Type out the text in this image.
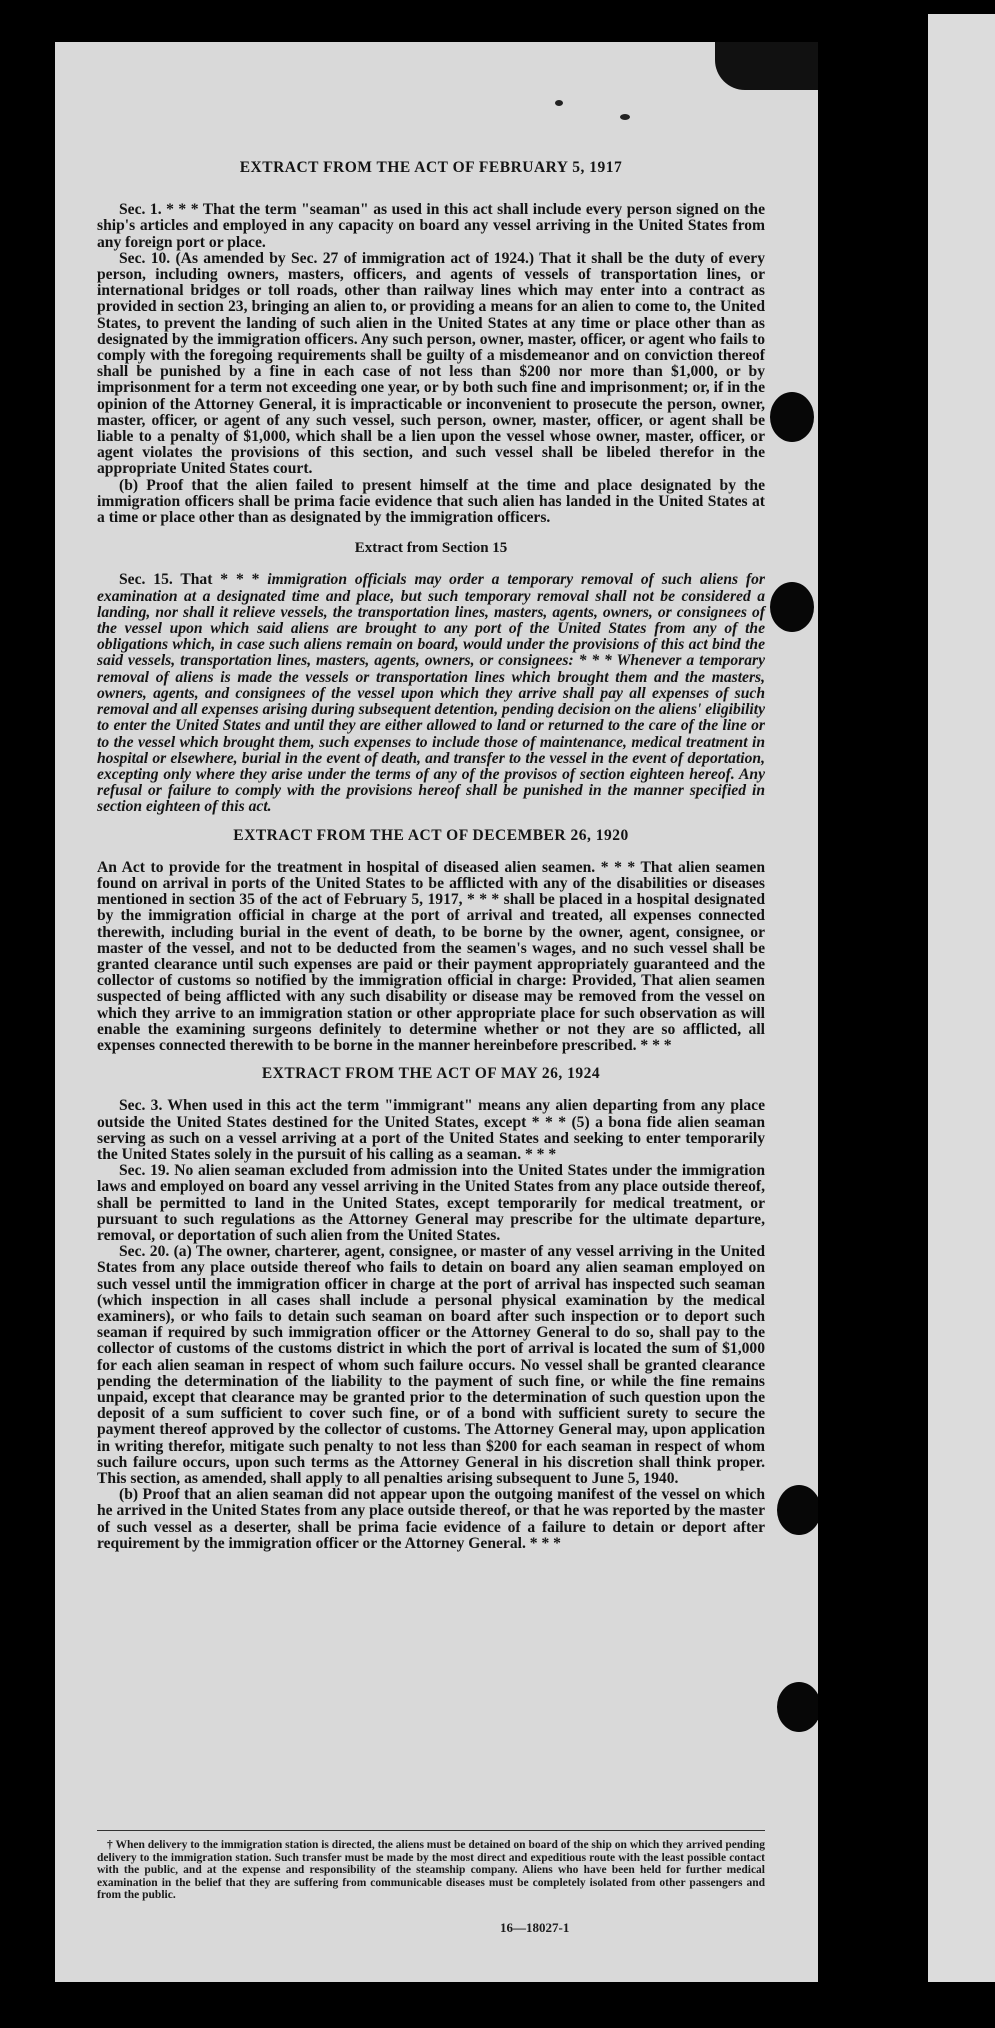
EXTRACT FROM THE ACT OF FEBRUARY 5, 1917

Sec. 1. * * * That the term "seaman" as used in this act shall include every person signed on the ship's articles and employed in any capacity on board any vessel arriving in the United States from any foreign port or place.

Sec. 10. (As amended by Sec. 27 of immigration act of 1924.) That it shall be the duty of every person, including owners, masters, officers, and agents of vessels of transportation lines, or international bridges or toll roads, other than railway lines which may enter into a contract as provided in section 23, bringing an alien to, or providing a means for an alien to come to, the United States, to prevent the landing of such alien in the United States at any time or place other than as designated by the immigration officers. Any such person, owner, master, officer, or agent who fails to comply with the foregoing requirements shall be guilty of a misdemeanor and on conviction thereof shall be punished by a fine in each case of not less than $200 nor more than $1,000, or by imprisonment for a term not exceeding one year, or by both such fine and imprisonment; or, if in the opinion of the Attorney General, it is impracticable or inconvenient to prosecute the person, owner, master, officer, or agent of any such vessel, such person, owner, master, officer, or agent shall be liable to a penalty of $1,000, which shall be a lien upon the vessel whose owner, master, officer, or agent violates the provisions of this section, and such vessel shall be libeled therefor in the appropriate United States court.

(b) Proof that the alien failed to present himself at the time and place designated by the immigration officers shall be prima facie evidence that such alien has landed in the United States at a time or place other than as designated by the immigration officers.

Extract from Section 15

Sec. 15. That * * * immigration officials may order a temporary removal of such aliens for examination at a designated time and place, but such temporary removal shall not be considered a landing, nor shall it relieve vessels, the transportation lines, masters, agents, owners, or consignees of the vessel upon which said aliens are brought to any port of the United States from any of the obligations which, in case such aliens remain on board, would under the provisions of this act bind the said vessels, transportation lines, masters, agents, owners, or consignees: * * * Whenever a temporary removal of aliens is made the vessels or transportation lines which brought them and the masters, owners, agents, and consignees of the vessel upon which they arrive shall pay all expenses of such removal and all expenses arising during subsequent detention, pending decision on the aliens' eligibility to enter the United States and until they are either allowed to land or returned to the care of the line or to the vessel which brought them, such expenses to include those of maintenance, medical treatment in hospital or elsewhere, burial in the event of death, and transfer to the vessel in the event of deportation, excepting only where they arise under the terms of any of the provisos of section eighteen hereof. Any refusal or failure to comply with the provisions hereof shall be punished in the manner specified in section eighteen of this act.

EXTRACT FROM THE ACT OF DECEMBER 26, 1920

An Act to provide for the treatment in hospital of diseased alien seamen. * * * That alien seamen found on arrival in ports of the United States to be afflicted with any of the disabilities or diseases mentioned in section 35 of the act of February 5, 1917, * * * shall be placed in a hospital designated by the immigration official in charge at the port of arrival and treated, all expenses connected therewith, including burial in the event of death, to be borne by the owner, agent, consignee, or master of the vessel, and not to be deducted from the seamen's wages, and no such vessel shall be granted clearance until such expenses are paid or their payment appropriately guaranteed and the collector of customs so notified by the immigration official in charge: Provided, That alien seamen suspected of being afflicted with any such disability or disease may be removed from the vessel on which they arrive to an immigration station or other appropriate place for such observation as will enable the examining surgeons definitely to determine whether or not they are so afflicted, all expenses connected therewith to be borne in the manner hereinbefore prescribed. * * *

EXTRACT FROM THE ACT OF MAY 26, 1924

Sec. 3. When used in this act the term "immigrant" means any alien departing from any place outside the United States destined for the United States, except * * * (5) a bona fide alien seaman serving as such on a vessel arriving at a port of the United States and seeking to enter temporarily the United States solely in the pursuit of his calling as a seaman. * * *

Sec. 19. No alien seaman excluded from admission into the United States under the immigration laws and employed on board any vessel arriving in the United States from any place outside thereof, shall be permitted to land in the United States, except temporarily for medical treatment, or pursuant to such regulations as the Attorney General may prescribe for the ultimate departure, removal, or deportation of such alien from the United States.

Sec. 20. (a) The owner, charterer, agent, consignee, or master of any vessel arriving in the United States from any place outside thereof who fails to detain on board any alien seaman employed on such vessel until the immigration officer in charge at the port of arrival has inspected such seaman (which inspection in all cases shall include a personal physical examination by the medical examiners), or who fails to detain such seaman on board after such inspection or to deport such seaman if required by such immigration officer or the Attorney General to do so, shall pay to the collector of customs of the customs district in which the port of arrival is located the sum of $1,000 for each alien seaman in respect of whom such failure occurs. No vessel shall be granted clearance pending the determination of the liability to the payment of such fine, or while the fine remains unpaid, except that clearance may be granted prior to the determination of such question upon the deposit of a sum sufficient to cover such fine, or of a bond with sufficient surety to secure the payment thereof approved by the collector of customs. The Attorney General may, upon application in writing therefor, mitigate such penalty to not less than $200 for each seaman in respect of whom such failure occurs, upon such terms as the Attorney General in his discretion shall think proper. This section, as amended, shall apply to all penalties arising subsequent to June 5, 1940.

(b) Proof that an alien seaman did not appear upon the outgoing manifest of the vessel on which he arrived in the United States from any place outside thereof, or that he was reported by the master of such vessel as a deserter, shall be prima facie evidence of a failure to detain or deport after requirement by the immigration officer or the Attorney General. * * *

† When delivery to the immigration station is directed, the aliens must be detained on board of the ship on which they arrived pending delivery to the immigration station. Such transfer must be made by the most direct and expeditious route with the least possible contact with the public, and at the expense and responsibility of the steamship company. Aliens who have been held for further medical examination in the belief that they are suffering from communicable diseases must be completely isolated from other passengers and from the public.

16—18027-1
